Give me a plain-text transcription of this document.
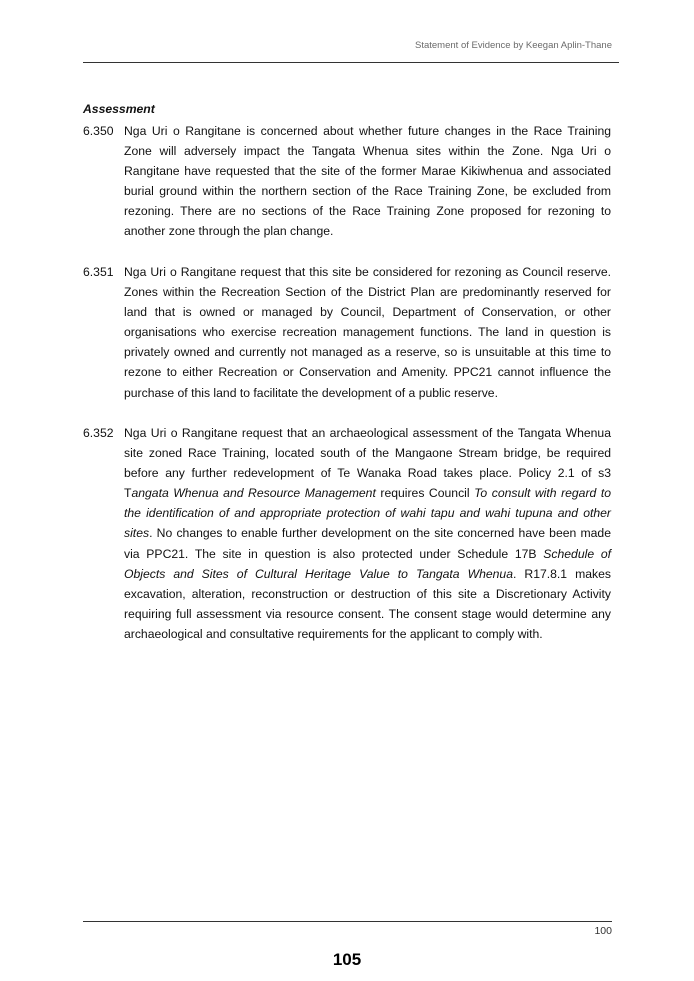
Statement of Evidence by Keegan Aplin-Thane
Assessment
6.350 Nga Uri o Rangitane is concerned about whether future changes in the Race Training Zone will adversely impact the Tangata Whenua sites within the Zone. Nga Uri o Rangitane have requested that the site of the former Marae Kikiwhenua and associated burial ground within the northern section of the Race Training Zone, be excluded from rezoning. There are no sections of the Race Training Zone proposed for rezoning to another zone through the plan change.
6.351 Nga Uri o Rangitane request that this site be considered for rezoning as Council reserve. Zones within the Recreation Section of the District Plan are predominantly reserved for land that is owned or managed by Council, Department of Conservation, or other organisations who exercise recreation management functions. The land in question is privately owned and currently not managed as a reserve, so is unsuitable at this time to rezone to either Recreation or Conservation and Amenity. PPC21 cannot influence the purchase of this land to facilitate the development of a public reserve.
6.352 Nga Uri o Rangitane request that an archaeological assessment of the Tangata Whenua site zoned Race Training, located south of the Mangaone Stream bridge, be required before any further redevelopment of Te Wanaka Road takes place. Policy 2.1 of s3 Tangata Whenua and Resource Management requires Council To consult with regard to the identification of and appropriate protection of wahi tapu and wahi tupuna and other sites. No changes to enable further development on the site concerned have been made via PPC21. The site in question is also protected under Schedule 17B Schedule of Objects and Sites of Cultural Heritage Value to Tangata Whenua. R17.8.1 makes excavation, alteration, reconstruction or destruction of this site a Discretionary Activity requiring full assessment via resource consent. The consent stage would determine any archaeological and consultative requirements for the applicant to comply with.
100
105
